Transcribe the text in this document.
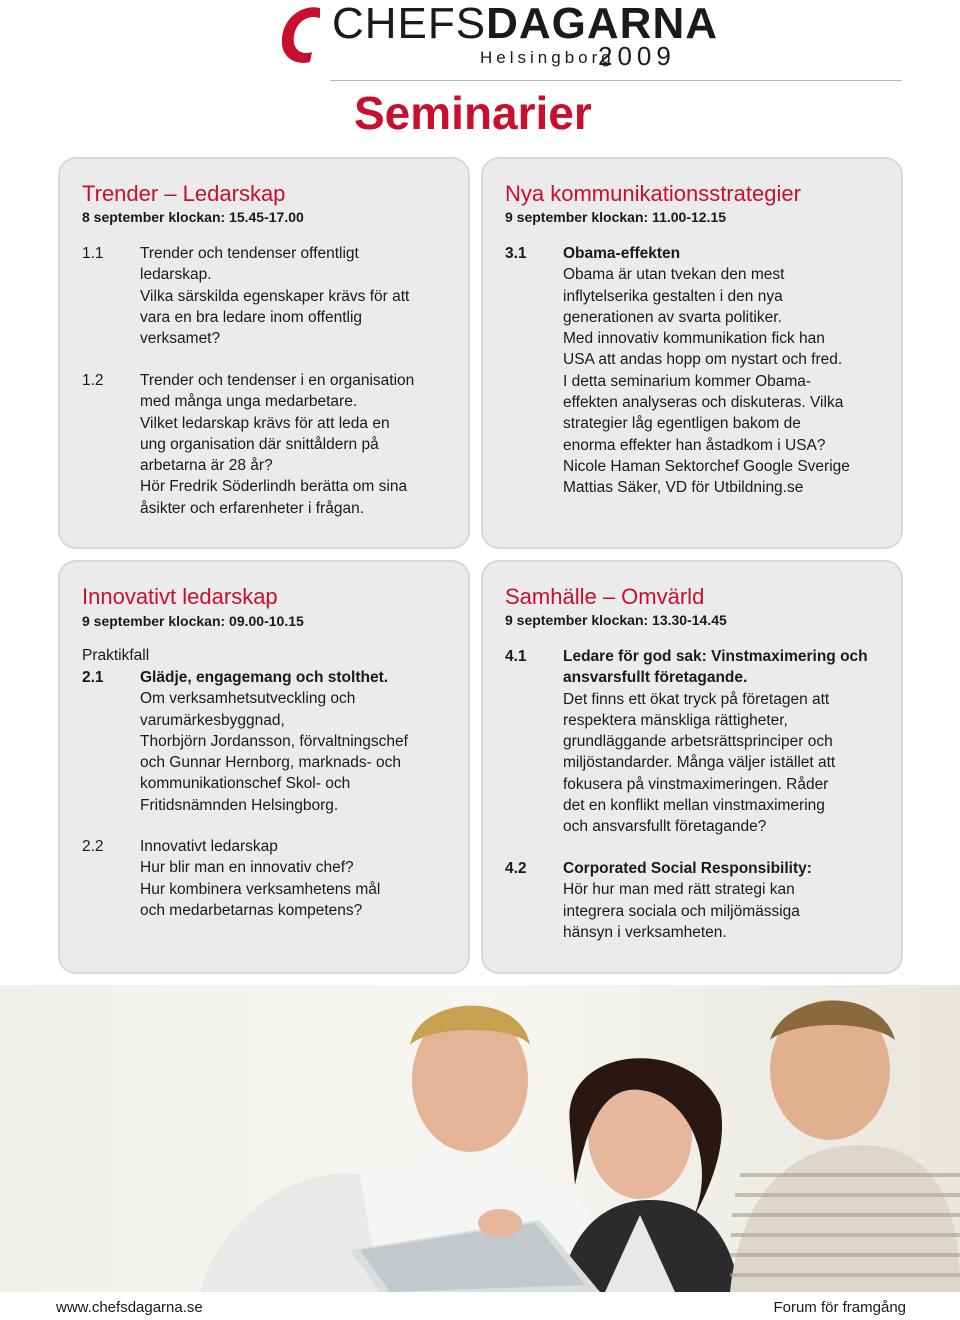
CHEFSDAGARNA
Helsingborg
2009
Seminarier
Trender – Ledarskap
8 september klockan: 15.45-17.00
1.1	Trender och tendenser offentligt
ledarskap.
Vilka särskilda egenskaper krävs för att
vara en bra ledare inom offentlig
verksamet?
1.2	Trender och tendenser i en organisation
med många unga medarbetare.
Vilket ledarskap krävs för att leda en
ung organisation där snittåldern på
arbetarna är 28 år?
Hör Fredrik Söderlindh berätta om sina
åsikter och erfarenheter i frågan.
Nya kommunikationsstrategier
9 september klockan: 11.00-12.15
3.1	Obama-effekten
Obama är utan tvekan den mest
inflytelserika gestalten i den nya
generationen av svarta politiker.
Med innovativ kommunikation fick han
USA att andas hopp om nystart och fred.
I detta seminarium kommer Obama-
effekten analyseras och diskuteras. Vilka
strategier låg egentligen bakom de
enorma effekter han åstadkom i USA?
Nicole Haman Sektorchef Google Sverige
Mattias Säker, VD för Utbildning.se
Innovativt ledarskap
9 september klockan: 09.00-10.15
Praktikfall
2.1	Glädje, engagemang och stolthet.
Om verksamhetsutveckling och
varumärkesbyggnad,
Thorbjörn Jordansson, förvaltningschef
och Gunnar Hernborg, marknads- och
kommunikationschef Skol- och
Fritidsnämnden Helsingborg.
2.2	Innovativt ledarskap
Hur blir man en innovativ chef?
Hur kombinera verksamhetens mål
och medarbetarnas kompetens?
Samhälle – Omvärld
9 september klockan: 13.30-14.45
4.1	Ledare för god sak: Vinstmaximering och
ansvarsfullt företagande.
Det finns ett ökat tryck på företagen att
respektera mänskliga rättigheter,
grundläggande arbetsrättsprinciper och
miljöstandarder. Många väljer istället att
fokusera på vinstmaximeringen. Råder
det en konflikt mellan vinstmaximering
och ansvarsfullt företagande?
4.2	Corporated Social Responsibility:
Hör hur man med rätt strategi kan
integrera sociala och miljömässiga
hänsyn i verksamheten.
www.chefsdagarna.se	Forum för framgång
